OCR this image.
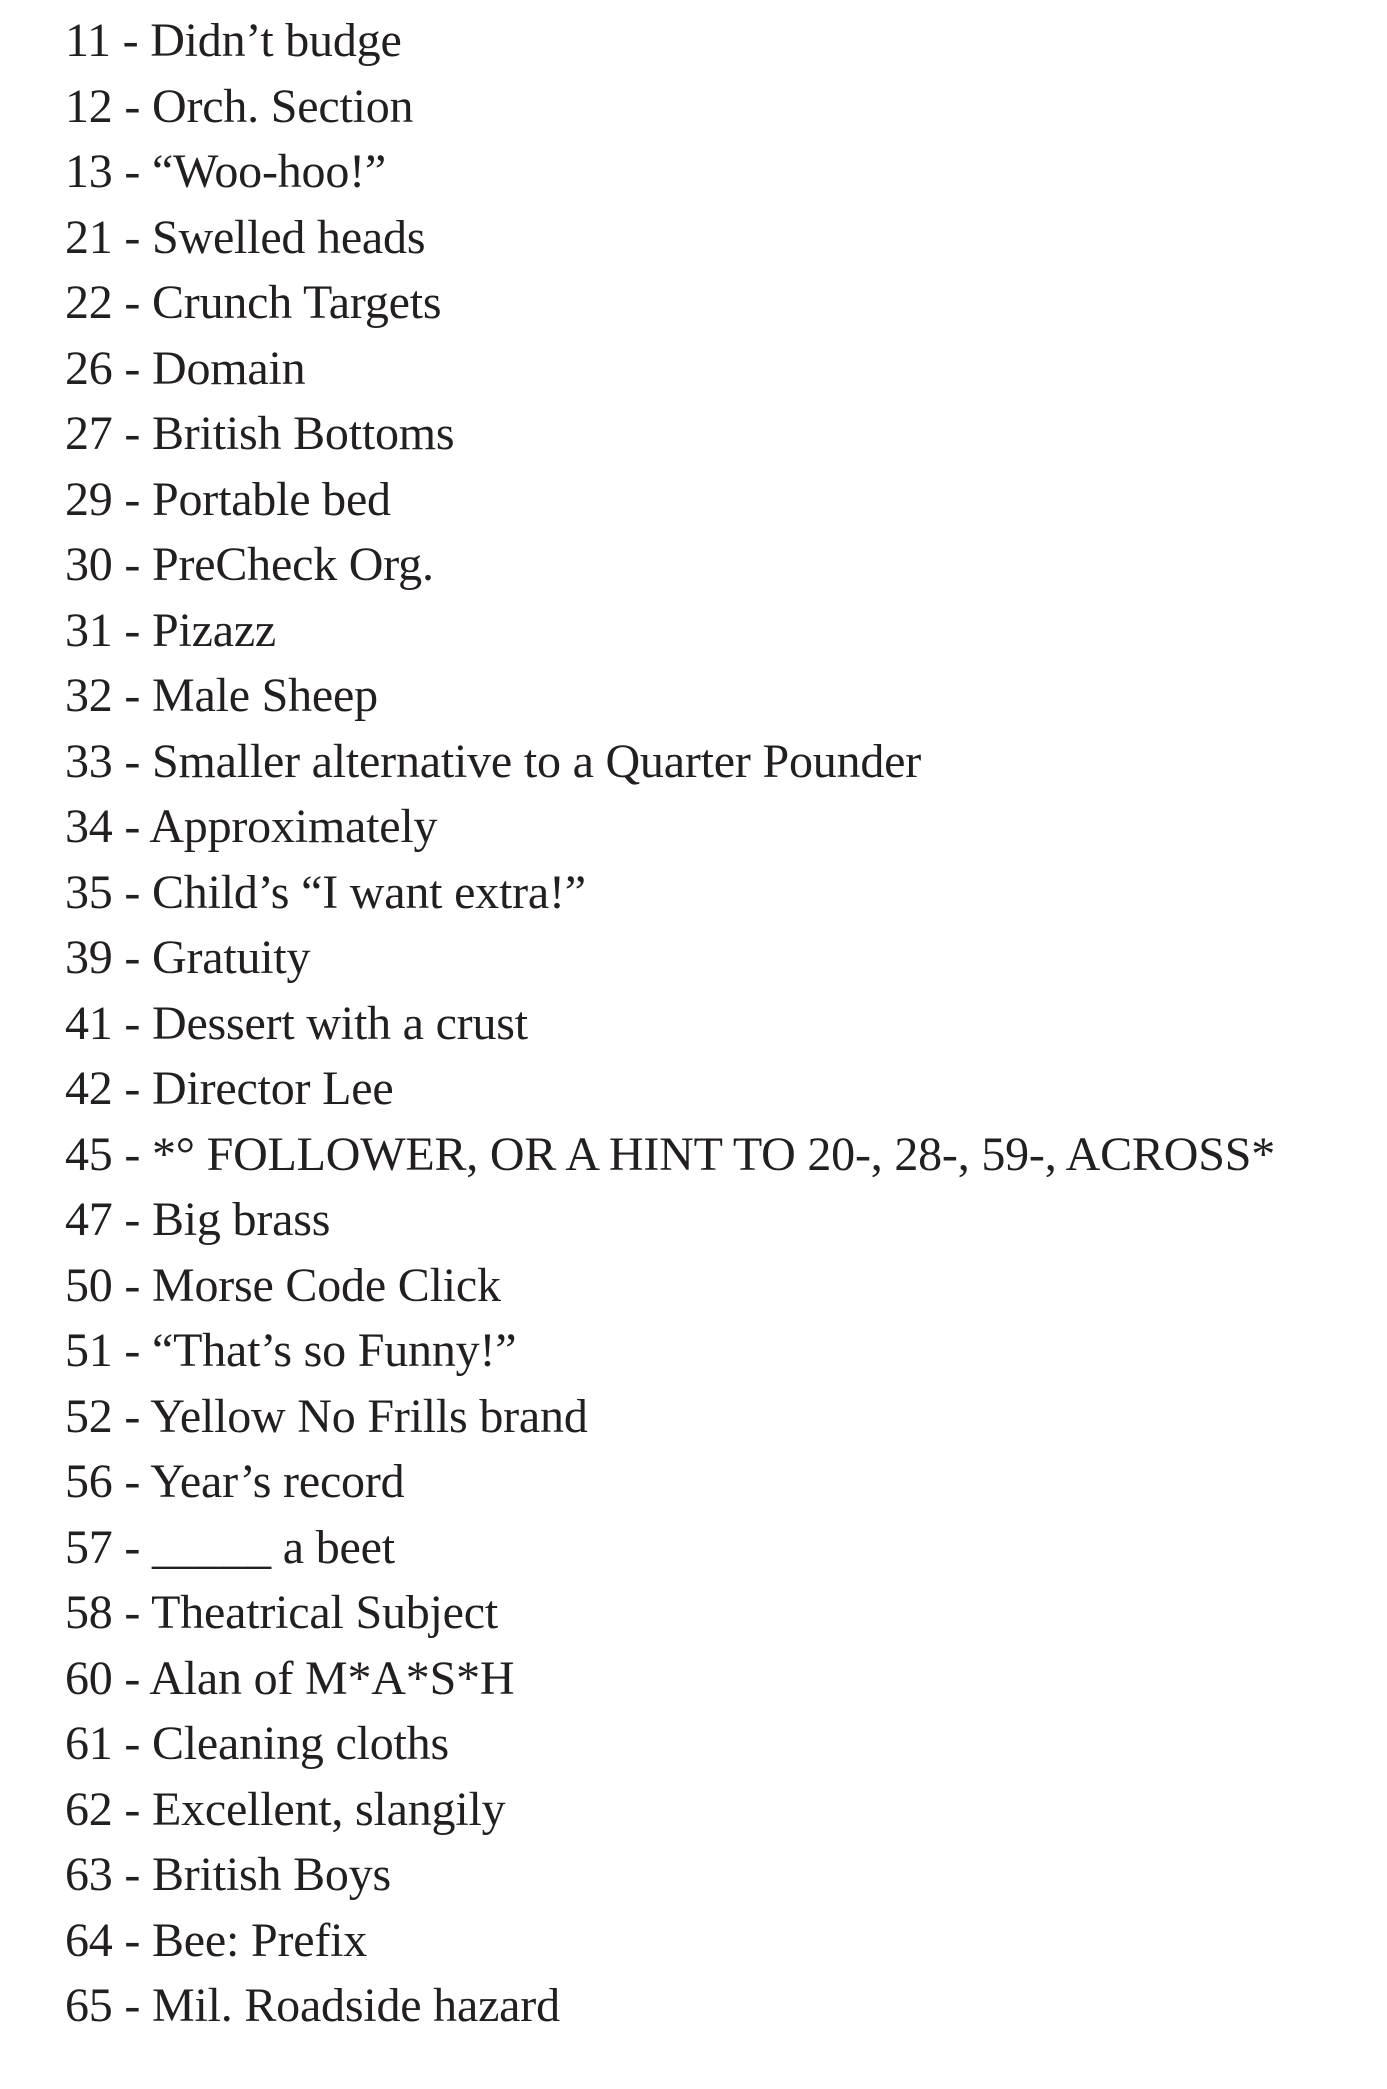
11 - Didn’t budge
12 - Orch. Section
13 - “Woo-hoo!”
21 - Swelled heads
22 - Crunch Targets
26 - Domain
27 - British Bottoms
29 - Portable bed
30 - PreCheck Org.
31 - Pizazz
32 - Male Sheep
33 - Smaller alternative to a Quarter Pounder
34 - Approximately
35 - Child’s “I want extra!”
39 - Gratuity
41 - Dessert with a crust
42 - Director Lee
45 - *° FOLLOWER, OR A HINT TO 20-, 28-, 59-, ACROSS*
47 - Big brass
50 - Morse Code Click
51 - “That’s so Funny!”
52 - Yellow No Frills brand
56 - Year’s record
57 - _____ a beet
58 - Theatrical Subject
60 - Alan of M*A*S*H
61 - Cleaning cloths
62 - Excellent, slangily
63 - British Boys
64 - Bee: Prefix
65 - Mil. Roadside hazard
